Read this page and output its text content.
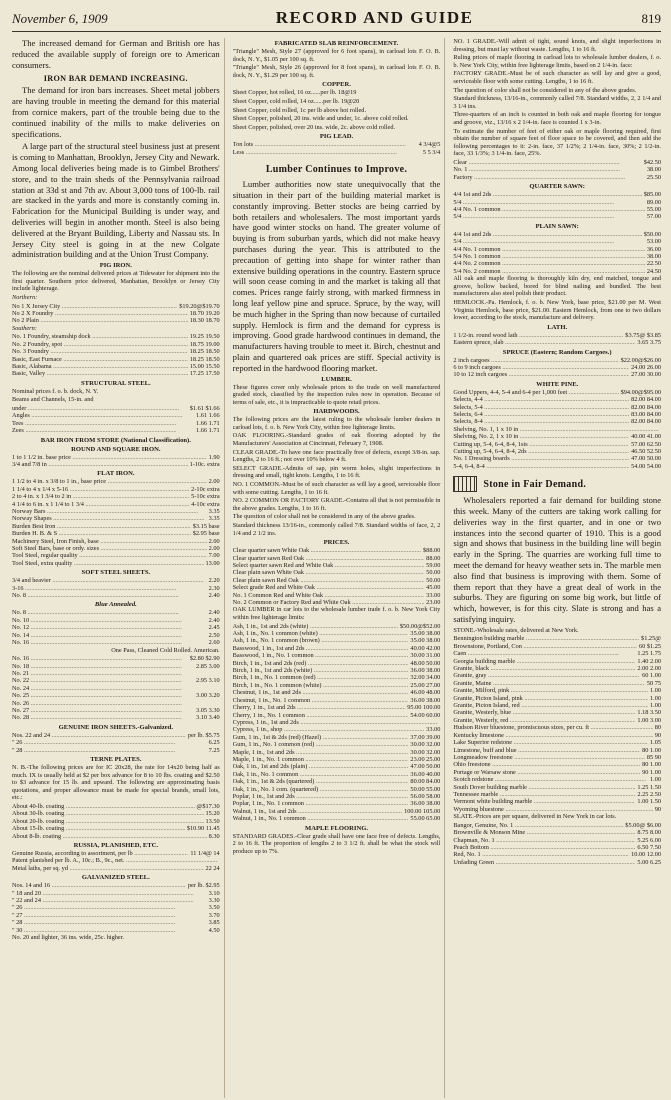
November 6, 1909	RECORD AND GUIDE	819

The increased demand for German and British ore has reduced the available supply of foreign ore to American consumers.

IRON BAR DEMAND INCREASING.

The demand for iron bars increases. Sheet metal jobbers are having trouble in meeting the demand for this material from cornice makers, part of the trouble being due to the continued inability of the mills to make deliveries on specifications.

A large part of the structural steel business just at present is coming to Manhattan, Brooklyn, Jersey City and Newark. Among local deliveries being made is to Gimbel Brothers' store, and to the train sheds of the Pennsylvania railroad station at 33d st and 7th av. About 3,000 tons of 100-lb. rail are stacked in the yards and more is constantly coming in. Fabrication for the Municipal Building is under way, and deliveries will begin in another month. Steel is also being delivered at the Bryant Building, Liberty and Nassau sts. In Jersey City steel is going in at the new Colgate administration building and at the Union Trust Company.

PIG IRON.
The following are the nominal delivered prices at Tidewater for shipment into the first quarter. Southern price delivered, Manhattan, Brooklyn or Jersey City include lighterage.
Northern:
No 1 X Jersey City .....	$19.20@$19.70
No 2 X Foundry .....	18.70 19.20
No 2 Plain .....	18.30 18.70
Southern:
No. 1 Foundry, steamship dock .....	19.25 19.50
No. 2 Foundry, spot .....	18.75 19.00
No. 3 Foundry .....	18.25 18.50
Basic, East Furnace .....	18.25 18.50
Basic, Alabama .....	15.00 15.50
Basic, Valley .....	17.25 17.50
STRUCTURAL STEEL.
Nominal prices f. o. b. dock, N. Y.
Beams and Channels, 15-in. and
under .....	$1.61 $1.66
Angles .....	1.61 1.66
Tees .....	1.66 1.71
Zees .....	1.66 1.71
BAR IRON FROM STORE (National Classification).
ROUND AND SQUARE IRON.
1 to 1 1/2 in. base price .....	1.90
3/4 and 7/8 in .....	1-10c. extra
FLAT IRON.
1 1/2 to 4 in. x 3/8 to 1 in., base price .....	2.00
1 1/4 to 4 x 1/4 x 5-16 .....	2-10c extra
2 to 4 in. x 1 3/4 to 2 in .....	5-10c extra
4 1/4 to 6 in. x 1 1/4 to 1 3/4 .....	4-10c extra
Norway Bars .....	3.35
Norway Shapes .....	3.35
Burden Best Iron .....	$3.15 base
Burden H. B. & S .....	$2.95 base
Machinery Steel, Iron Finish, base .....	2.00
Soft Steel Bars, base or ordy. sizes .....	2.00
Tool Steel, regular quality .....	7.00
Tool Steel, extra quality .....	13.00
SOFT STEEL SHEETS.
3/4 and heavier .....	2.20
3-16 .....	2.30
No. 8 .....	2.40
Blue Annealed.
No. 8 .....	2.40
No. 10 .....	2.40
No. 12 .....	2.45
No. 14 .....	2.50
No. 16 .....	2.60
One Pass, Cleaned Cold Rolled. American.
No. 16 .....	$2.80 $2.90
No. 18 .....	2.85 3.00
No. 21 .....
No. 22 .....	2.95 3.10
No. 24 .....
No. 25 .....	3.00 3.20
No. 26 .....
No. 27 .....	3.05 3.30
No. 28 .....	3.10 3.40
GENUINE IRON SHEETS.-Galvanized.
Nos. 22 and 24 .....	per lb. $5.75
" 26 .....	6.25
" 28 .....	7.25
TERNE PLATES.
N. B.-The following prices are for IC 20x28, the rate for 14x20 being half as much. IX is usually held at $2 per box advance for 8 to 10 lbs. coating and $2.50 to $3 advance for 15 lb. and upward. The following are approximating basis quotations, and proper allowance must be made for special brands, small lots, etc.:
About 40-lb. coating .....	@$17.30
About 30-lb. coating .....	15.20
About 20-lb. coating .....	13.50
About 15-lb. coating .....	$10.90 11.45
About 8-lb. coating .....	8.30
RUSSIA, PLANISHED, ETC.
Genuine Russia, according to assortment, per lb .....	11 1/4@ 14
Patent planished per lb. A., 10c.; B., 9c., net. .....
Metal laths, per sq. yd .....	22 24
GALVANIZED STEEL.
Nos. 14 and 16 .....	per lb. $2.95
" 18 and 20 .....	3.10
" 22 and 24 .....	3.30
" 26 .....	3.50
" 27 .....	3.70
" 28 .....	3.85
" 30 .....	4.50
No. 20 and lighter, 36 ins. wide, 25c. higher.
FABRICATED SLAB REINFORCEMENT.
"Triangle" Mesh, Style 27 (approved for 6 foot spans), in carload lots F. O. B. dock, N. Y., $1.05 per 100 sq. ft.
"Triangle" Mesh, Style 26 (approved for 8 foot spans), in carload lots F. O. B. dock, N. Y., $1.29 per 100 sq. ft.
COPPER.
Sheet Copper, hot rolled, 16 oz......per lb. 18@19
Sheet Copper, cold rolled, 14 oz......per lb. 19@20
Sheet Copper, cold rolled, 1c per lb above hot rolled.
Sheet Copper, polished, 20 ins. wide and under, 1c. above cold rolled.
Sheet Copper, polished, over 20 ins. wide, 2c. above cold rolled.
PIG LEAD.
Ton lots .....	4 3/4@5
Less .....	5 5 3/4
Lumber Continues to Improve.

Lumber authorities now state unequivocally that the situation in their part of the building material market is constantly improving. Better stocks are being carried by both retailers and wholesalers. The most important yards have good winter stocks on hand. The greater volume of buying is from suburban yards, which did not make heavy purchases during the year. This is attributed to the precaution of getting into shape for winter rather than extensive building operations in the country. Eastern spruce will soon cease coming in and the market is taking all that comes. Prices range fairly strong, with marked firmness in long leaf yellow pine and spruce. Spruce, by the way, will be much higher in the Spring than now because of curtailed supply. Hemlock is firm and the demand for cypress is improving. Good grade hardwood continues in demand, the manufacturers having trouble to meet it. Birch, chestnut and plain and quartered oak prices are stiff. Special activity is reported in the hardwood flooring market.

LUMBER.
These figures cover only wholesale prices to the trade on well manufactured graded stock, classified by the inspection rules now in operation. Because of terms of sale, etc., it is impracticable to quote retail prices.
HARDWOODS.
The following prices are the latest ruling to the wholesale lumber dealers in carload lots, f. o. b. New York City, within free lighterage limits.
OAK FLOORING.-Standard grades of oak flooring adopted by the Manufacturers' Association at Cincinnati, February 7, 1908.
CLEAR GRADE.-To have one face practically free of defects, except 3/8-in. sap. Lengths, 2 to 16 ft.; not over 10% below 4 ft.
SELECT GRADE.-Admits of sap, pin worm holes, slight imperfections in dressing and small, tight knots. Lengths, 1 to 16 ft.
NO. 1 COMMON.-Must be of such character as will lay a good, serviceable floor with some cutting. Lengths, 1 to 16 ft.
NO. 2 COMMON OR FACTORY GRADE.-Contains all that is not permissible in the above grades. Lengths, 1 to 16 ft.
The question of color shall not be considered in any of the above grades.
Standard thickness 13/16-in., commonly called 7/8. Standard widths of face, 2, 2 1/4 and 2 1/2 ins.
PRICES.
Clear quarter sawn White Oak .....	$88.00
Clear quarter sawn Red Oak .....	88.00
Select quarter sawn Red and White Oak .....	59.00
Clear plain sawn White Oak .....	50.00
Clear plain sawn Red Oak .....	50.00
Select grade Red and White Oak .....	45.00
No. 1 Common Red and White Oak .....	33.00
No. 2 Common or Factory Red and White Oak .....	23.00
OAK LUMBER in car lots to the wholesale lumber trade f. o. b. New York City within free lighterage limits:
Ash, 1 in., 1st and 2ds (white) .....	$50.00@$52.00
Ash, 1 in., No. 1 common (white) .....	35.00 38.00
Ash, 1 in., No. 1 common (brown) .....	35.00 38.00
Basswood, 1 in., 1st and 2ds .....	40.00 42.00
Basswood, 1 in., No. 1 common .....	30.00 31.00
Birch, 1 in., 1st and 2ds (red) .....	48.00 50.00
Birch, 1 in., 1st and 2ds (white) .....	36.00 38.00
Birch, 1 in., No. 1 common (red) .....	32.00 34.00
Birch, 1 in., No. 1 common (white) .....	25.00 27.00
Chestnut, 1 in., 1st and 2ds .....	46.00 48.00
Chestnut, 1 in., No. 1 common .....	36.00 38.00
Cherry, 1 in., 1st and 2ds .....	95.00 100.00
Cherry, 1 in., No. 1 common .....	54.00 60.00
Cypress, 1 in., 1st and 2ds .....
Cypress, 1 in., shop .....	33.00
Gum, 1 in., 1st & 2ds (red) (Hazel) .....	37.00 39.00
Gum, 1 in., No. 1 common (red) .....	30.00 32.00
Maple, 1 in., 1st and 2ds .....	30.00 32.00
Maple, 1 in., No. 1 common .....	23.00 25.00
Oak, 1 in., 1st and 2ds (plain) .....	47.00 50.00
Oak, 1 in., No. 1 common .....	36.00 40.00
Oak, 1 in., 1st & 2ds (quartered) .....	80.00 84.00
Oak, 1 in., No. 1 com. (quartered) .....	50.00 55.00
Poplar, 1 in., 1st and 2ds .....	56.00 58.00
Poplar, 1 in., No. 1 common .....	36.00 38.00
Walnut, 1 in., 1st and 2ds .....	100.00 105.00
Walnut, 1 in., No. 1 common .....	55.00 65.00
MAPLE FLOORING.
STANDARD GRADES.-Clear grade shall have one face free of defects. Lengths, 2 to 16 ft. The proportion of lengths 2 to 3 1/2 ft. shall be what the stock will produce up to 7%.
NO. 1 GRADE.-Will admit of tight, sound knots, and slight imperfections in dressing, but must lay without waste. Lengths, 1 to 16 ft.
Ruling prices of maple flooring in carload lots to wholesale lumber dealers, f. o. b. New York City, within free lighterage limits, based on 2 1/4-in. face:
FACTORY GRADE.-Must be of such character as will lay and give a good, serviceable floor with some cutting. Lengths, 1 to 16 ft.
The question of color shall not be considered in any of the above grades.
Standard thickness, 13/16-in., commonly called 7/8. Standard widths, 2, 2 1/4 and 3 1/4 ins.
Three-quarters of an inch is counted in both oak and maple flooring for tongue and groove, viz., 13/16 x 2 1/4-in. face is counted 1 x 3-in.
To estimate the number of feet of either oak or maple flooring required, first obtain the number of square feet of floor space to be covered, and then add the following percentages to it: 2-in. face, 37 1/2%; 2 1/4-in. face, 30%; 2 1/2-in. face, 33 1/3%; 3 1/4-in. face, 25%.
Clear .....	$42.50
No. 1 .....	38.00
Factory .....	25.50
QUARTER SAWN:
4/4 1st and 2ds .....	$85.00
5/4 .....	89.00
4/4 No. 1 common .....	55.00
5/4 .....	57.00
PLAIN SAWN:
4/4 1st and 2ds .....	$50.00
5/4 .....	53.00
4/4 No. 1 common .....	36.00
5/4 No. 1 common .....	38.00
4/4 No. 2 common .....	22.50
5/4 No. 2 common .....	24.50
All oak and maple flooring is thoroughly kiln dry, end matched, tongue and groove, hollow backed, bored for blind nailing and bundled. The best manufacturers also steel polish their product.
HEMLOCK.-Pa. Hemlock, f. o. b. New York, base price, $21.00 per M. West Virginia Hemlock, base price, $21.00. Eastern Hemlock, from one to two dollars lower, according to the stock, manufacture and delivery.
LATH.
1 1/2-in. round wood lath .....	$3.75@ $3.85
Eastern spruce, slab .....	3.65 3.75
SPRUCE (Eastern; Random Cargoes.)
2 inch cargoes .....	$22.00@$26.00
6 to 9 inch cargoes .....	24.00 26.00
10 to 12 inch cargoes .....	27.00 30.00
WHITE PINE.
Good Uppers, 4-4, 5-4 and 6-4 per 1,000 feet .....	$94.00@$95.00
Selects, 4-4 .....	82.00 84.00
Selects, 5-4 .....	82.00 84.00
Selects, 6-4 .....	83.00 84.00
Selects, 8-4 .....	82.00 84.00
Shelving, No. 1, 1 x 10 in .....
Shelving, No. 2, 1 x 10 in .....	40.00 41.00
Cutting up, 5-4, 6-4, 8-4, 1sts .....	57.00 62.50
Cutting up, 5-4, 6-4, 8-4, 2ds .....	46.50 52.50
No. 1 Dressing boards .....	47.00 50.00
5-4, 6-4, 8-4 .....	54.00 54.00
Stone in Fair Demand.

Wholesalers reported a fair demand for building stone this week. Many of the cutters are taking work calling for deliveries way in the first quarter, and in one or two instances into the second quarter of 1910. This is a good sign and shows that business in the building line will begin early in the Spring. The quarries are working full time to meet the demand for heavy weather sets in. The marble men also find that business is improving with them. Some of them report that they have a great deal of work in the suburbs. They are figuring on some big work, but little of which, however, is for this city. Slate is strong and has a satisfying inquiry.

STONE.-Wholesale rates, delivered at New York.
Bennington building marble .....	$1.25@
Brownstone, Portland, Con .....	60 $1.25
Caen .....	1.25 1.75
Georgia building marble .....	1.40 2.00
Granite, black .....	2.00 2.00
Granite, gray .....	60 1.00
Granite, Maine .....	50 75
Granite, Milford, pink .....	1.00
Granite, Picton Island, pink .....	1.00
Granite, Picton Island, red .....	1.00
Granite, Westerly, blue .....	1.18 3.50
Granite, Westerly, red .....	1.00 3.00
Hudson River bluestone, promiscuous sizes, per cu. ft .....	80
Kentucky limestone .....	90
Lake Superior redstone .....	1.05
Limestone, buff and blue .....	80 1.00
Longmeadow freestone .....	85 90
Ohio freestone .....	80 1.00
Portage or Warsaw stone .....	90 1.00
Scotch redstone .....	1.00
South Dover building marble .....	1.25 1.50
Tennessee marble .....	2.25 2.50
Vermont white building marble .....	1.00 1.50
Wyoming bluestone .....	90
SLATE.-Prices are per square, delivered in New York in car lots.
Bangor, Genuine, No. 1 .....	$5.00@ $6.00
Brownville & Monson Mine .....	8.75 8.00
Chapman, No. 1 .....	5.25 6.00
Peach Bottom .....	6.50 7.50
Red, No. 1 .....	10.00 12.00
Unfading Green .....	5.00 6.25
